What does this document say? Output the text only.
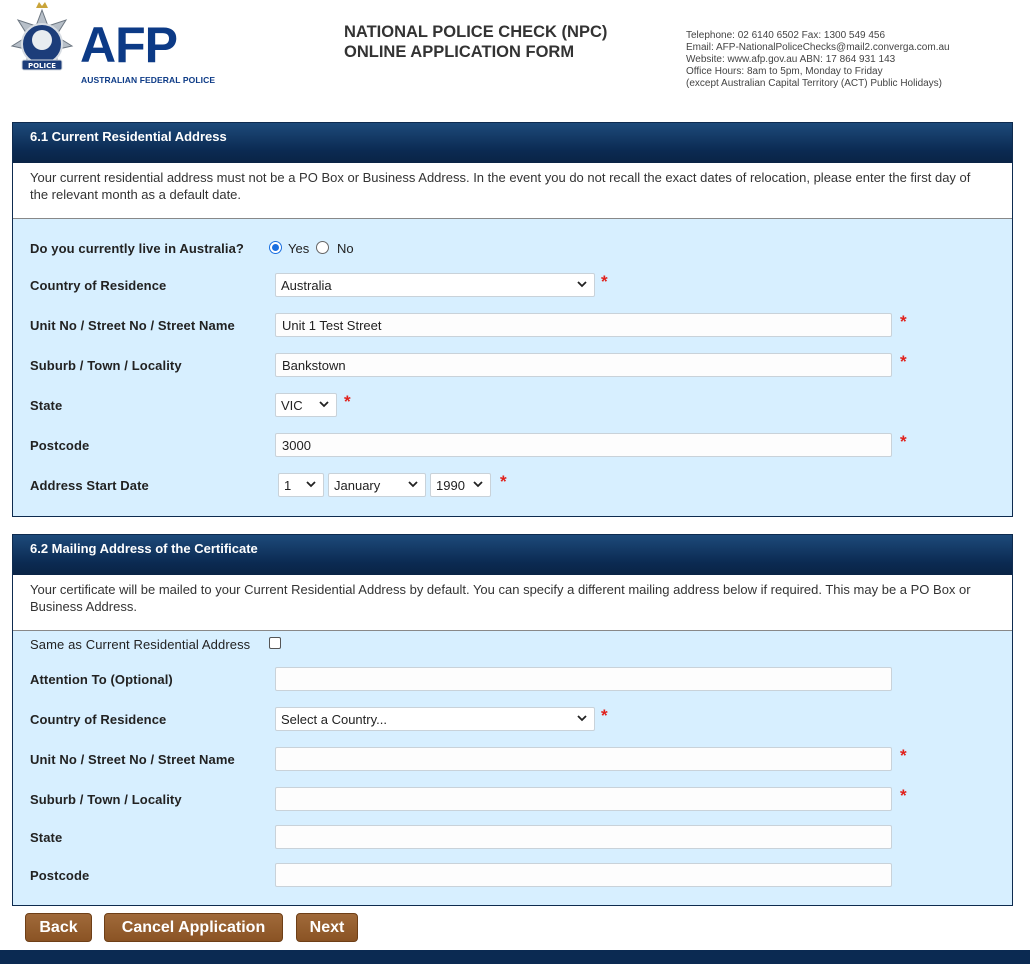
POLICE AFP
AUSTRALIAN FEDERAL POLICE
NATIONAL POLICE CHECK (NPC)
ONLINE APPLICATION FORM
Telephone: 02 6140 6502 Fax: 1300 549 456
Email: AFP-NationalPoliceChecks@mail2.converga.com.au
Website: www.afp.gov.au ABN: 17 864 931 143
Office Hours: 8am to 5pm, Monday to Friday
(except Australian Capital Territory (ACT) Public Holidays)
6.1 Current Residential Address
Your current residential address must not be a PO Box or Business Address. In the event you do not recall the exact dates of relocation, please enter the first day of the relevant month as a default date.
Do you currently live in Australia?	Yes No
Country of Residence	Australia	*
Unit No / Street No / Street Name	Unit 1 Test Street	*
Suburb / Town / Locality	Bankstown	*
State	VIC	*
Postcode	3000	*
Address Start Date	1	January	1990	*
6.2 Mailing Address of the Certificate
Your certificate will be mailed to your Current Residential Address by default. You can specify a different mailing address below if required. This may be a PO Box or Business Address.
Same as Current Residential Address
Attention To (Optional)
Country of Residence	Select a Country...	*
Unit No / Street No / Street Name	*
Suburb / Town / Locality	*
State
Postcode
Back	Cancel Application	Next
